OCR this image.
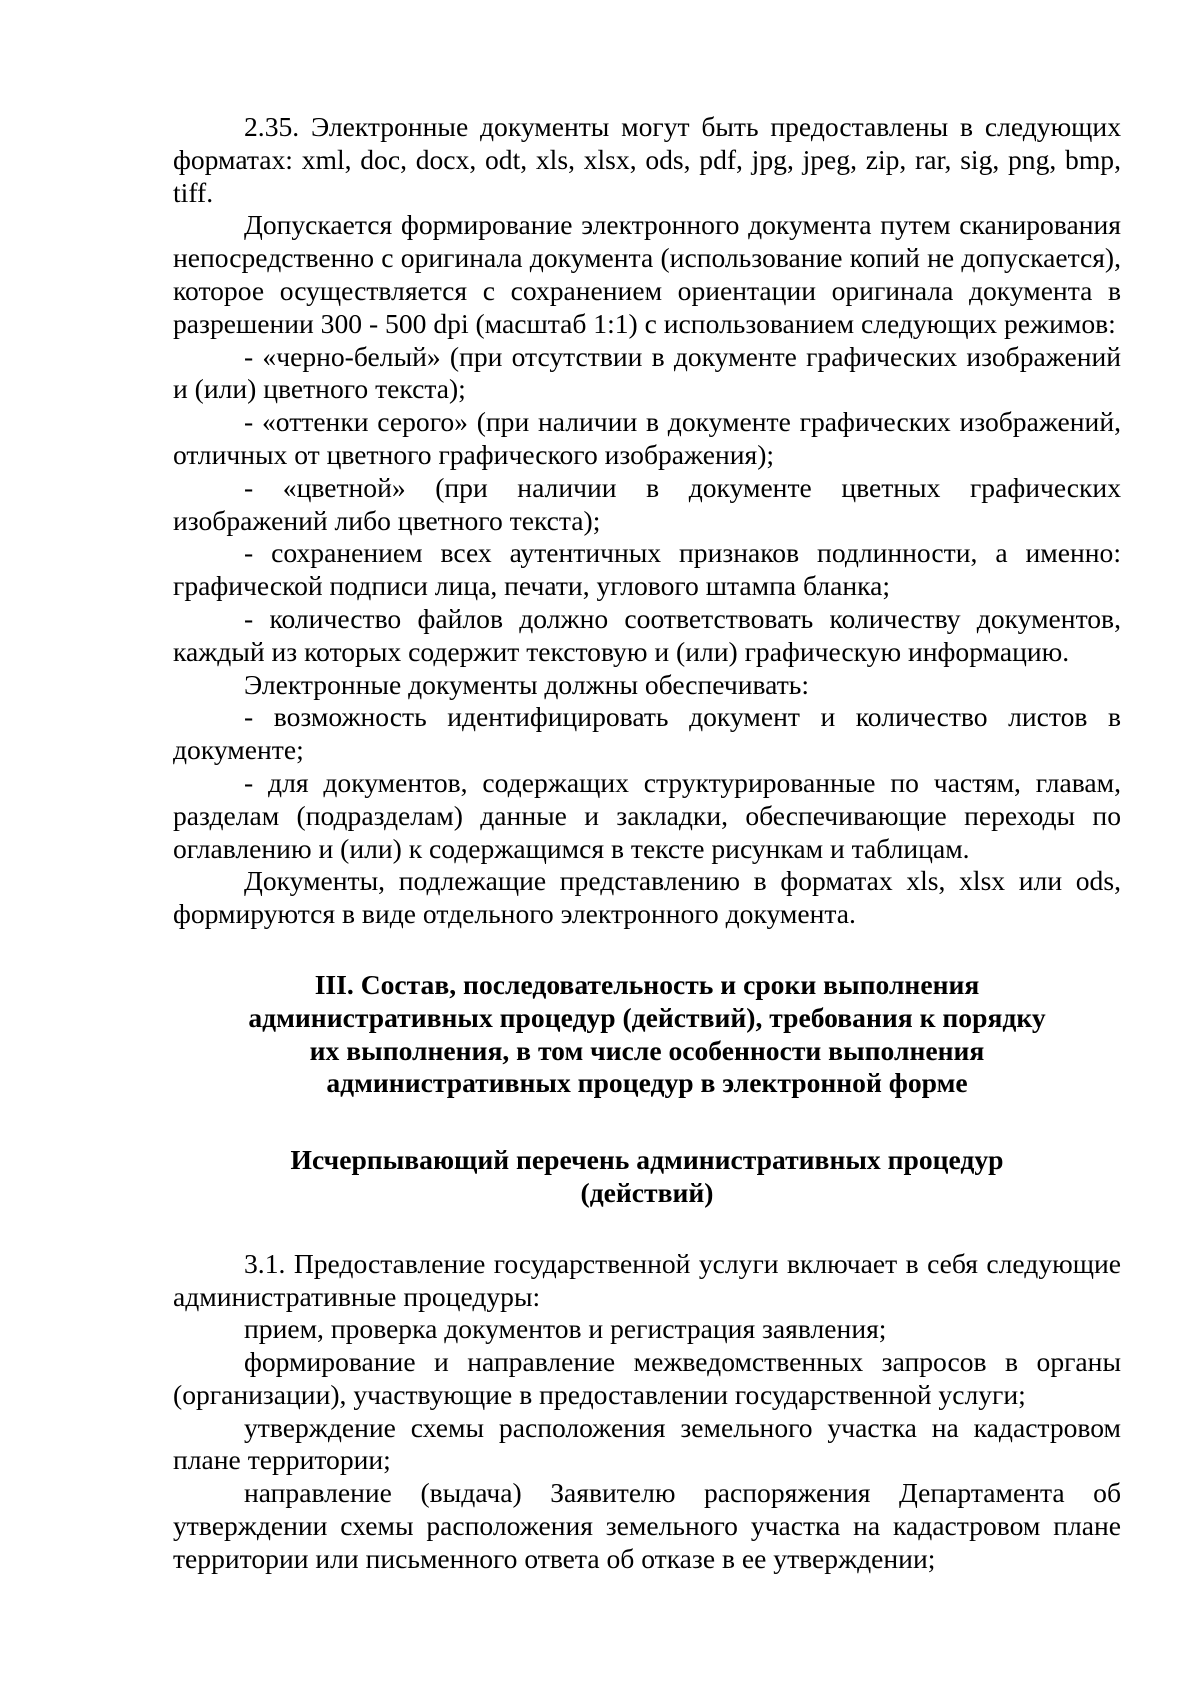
2.35. Электронные документы могут быть предоставлены в следующих форматах: xml, doc, docx, odt, xls, xlsx, ods, pdf, jpg, jpeg, zip, rar, sig, png, bmp, tiff.

Допускается формирование электронного документа путем сканирования непосредственно с оригинала документа (использование копий не допускается), которое осуществляется с сохранением ориентации оригинала документа в разрешении 300 - 500 dpi (масштаб 1:1) с использованием следующих режимов:

- «черно-белый» (при отсутствии в документе графических изображений и (или) цветного текста);

- «оттенки серого» (при наличии в документе графических изображений, отличных от цветного графического изображения);

- «цветной» (при наличии в документе цветных графических изображений либо цветного текста);

- сохранением всех аутентичных признаков подлинности, а именно: графической подписи лица, печати, углового штампа бланка;

- количество файлов должно соответствовать количеству документов, каждый из которых содержит текстовую и (или) графическую информацию.

Электронные документы должны обеспечивать:

- возможность идентифицировать документ и количество листов в документе;

- для документов, содержащих структурированные по частям, главам, разделам (подразделам) данные и закладки, обеспечивающие переходы по оглавлению и (или) к содержащимся в тексте рисункам и таблицам.

Документы, подлежащие представлению в форматах xls, xlsx или ods, формируются в виде отдельного электронного документа.

III. Состав, последовательность и сроки выполнения
административных процедур (действий), требования к порядку
их выполнения, в том числе особенности выполнения
административных процедур в электронной форме
Исчерпывающий перечень административных процедур
(действий)

3.1. Предоставление государственной услуги включает в себя следующие административные процедуры:

прием, проверка документов и регистрация заявления;

формирование и направление межведомственных запросов в органы (организации), участвующие в предоставлении государственной услуги;

утверждение схемы расположения земельного участка на кадастровом плане территории;

направление (выдача) Заявителю распоряжения Департамента об утверждении схемы расположения земельного участка на кадастровом плане территории или письменного ответа об отказе в ее утверждении;
